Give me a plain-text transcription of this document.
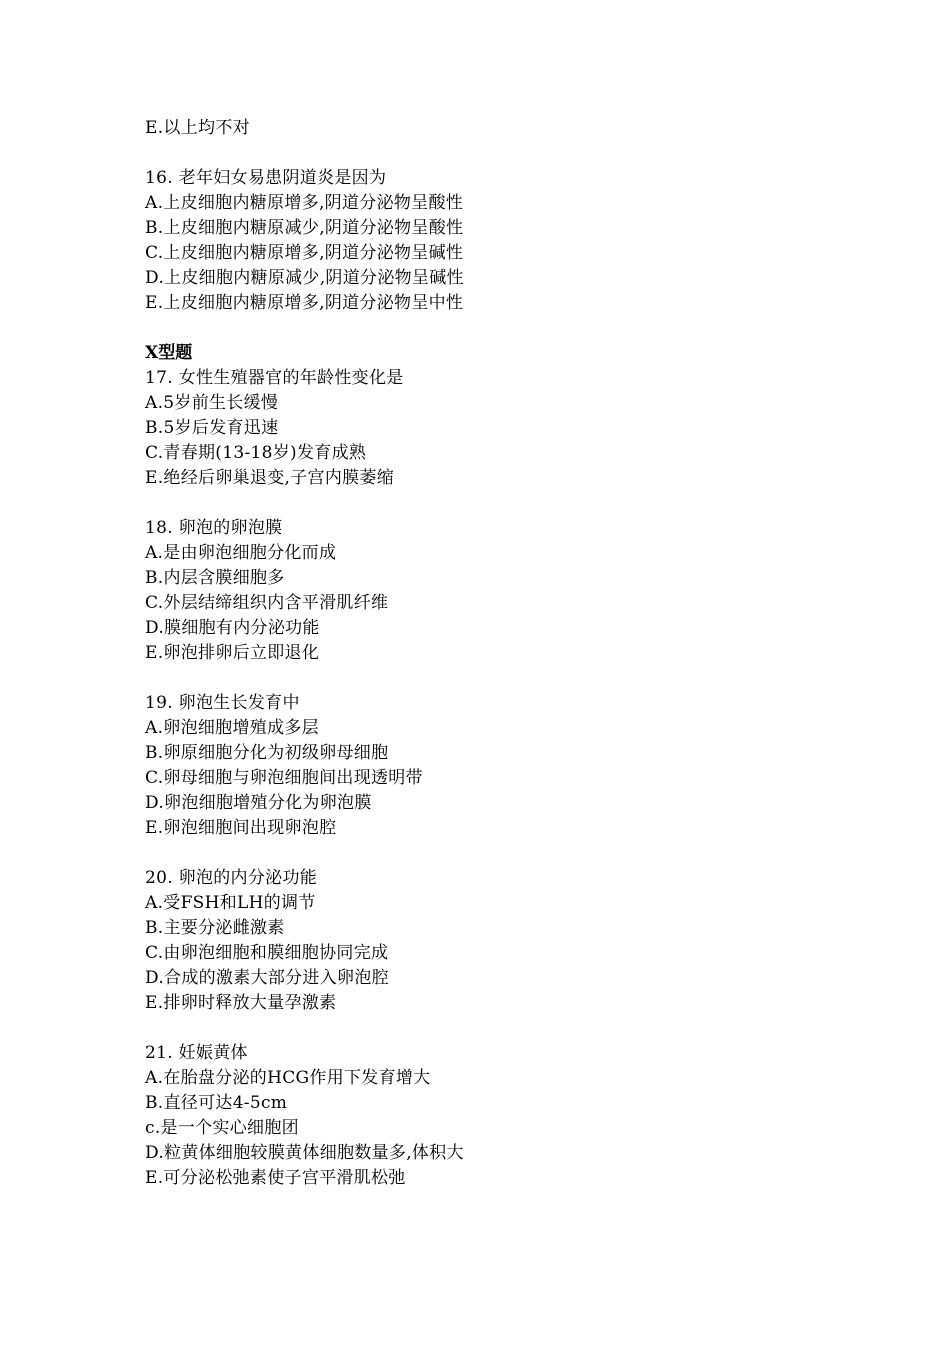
E.以上均不对
16. 老年妇女易患阴道炎是因为
A.上皮细胞内糖原增多,阴道分泌物呈酸性
B.上皮细胞内糖原减少,阴道分泌物呈酸性
C.上皮细胞内糖原增多,阴道分泌物呈碱性
D.上皮细胞内糖原减少,阴道分泌物呈碱性
E.上皮细胞内糖原增多,阴道分泌物呈中性
X型题
17. 女性生殖器官的年龄性变化是
A.5岁前生长缓慢
B.5岁后发育迅速
C.青春期(13-18岁)发育成熟
E.绝经后卵巢退变,子宫内膜萎缩
18. 卵泡的卵泡膜
A.是由卵泡细胞分化而成
B.内层含膜细胞多
C.外层结缔组织内含平滑肌纤维
D.膜细胞有内分泌功能
E.卵泡排卵后立即退化
19. 卵泡生长发育中
A.卵泡细胞增殖成多层
B.卵原细胞分化为初级卵母细胞
C.卵母细胞与卵泡细胞间出现透明带
D.卵泡细胞增殖分化为卵泡膜
E.卵泡细胞间出现卵泡腔
20. 卵泡的内分泌功能
A.受FSH和LH的调节
B.主要分泌雌激素
C.由卵泡细胞和膜细胞协同完成
D.合成的激素大部分进入卵泡腔
E.排卵时释放大量孕激素
21. 妊娠黄体
A.在胎盘分泌的HCG作用下发育增大
B.直径可达4-5cm
c.是一个实心细胞团
D.粒黄体细胞较膜黄体细胞数量多,体积大
E.可分泌松弛素使子宫平滑肌松弛
